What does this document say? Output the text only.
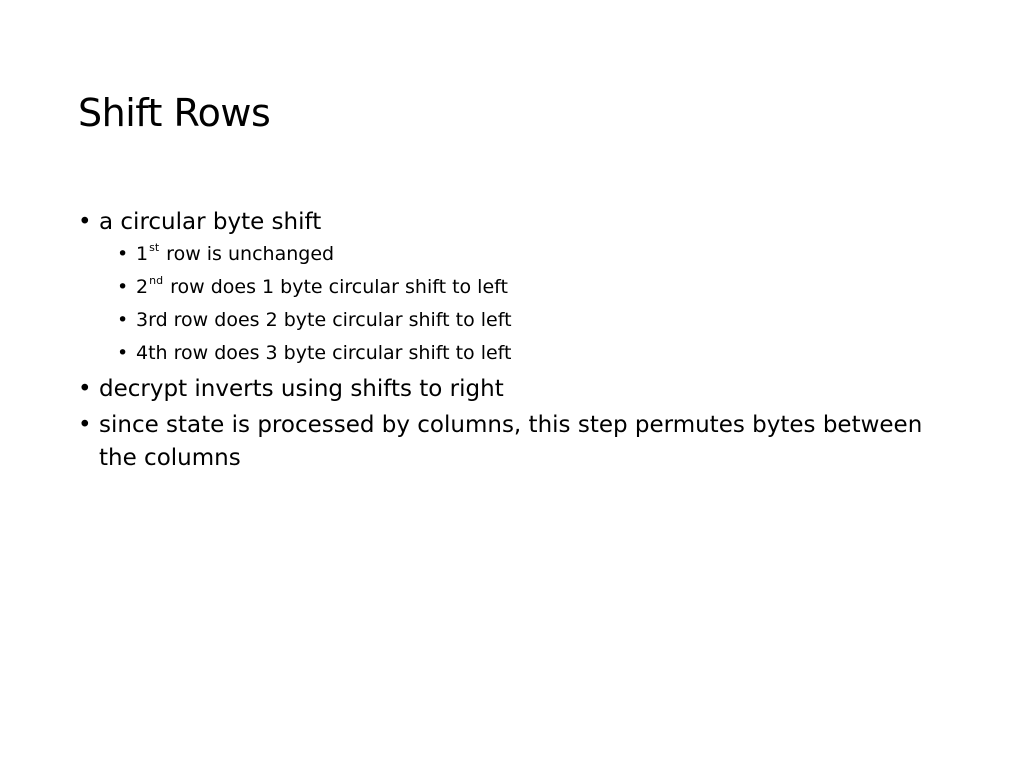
Shift Rows
• a circular byte shift
• 1st row is unchanged
• 2nd row does 1 byte circular shift to left
• 3rd row does 2 byte circular shift to left
• 4th row does 3 byte circular shift to left
• decrypt inverts using shifts to right
• since state is processed by columns, this step permutes bytes between the columns
